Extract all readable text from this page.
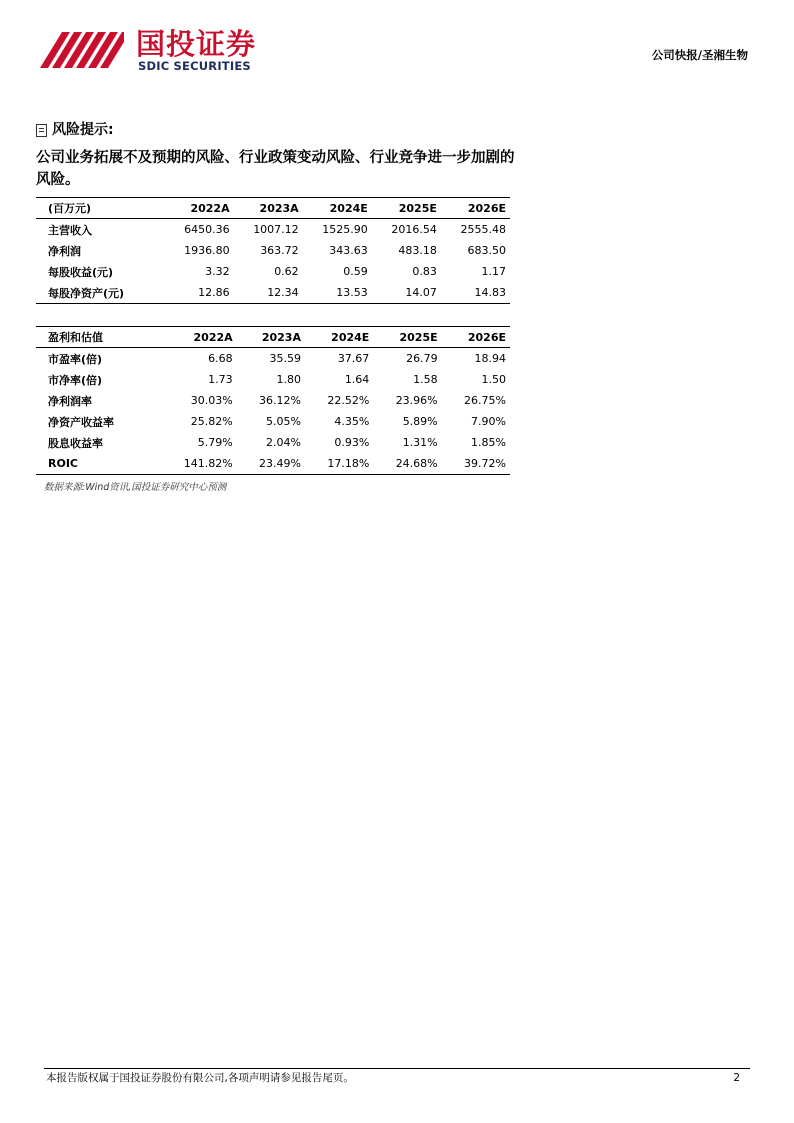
国投证券
SDIC SECURITIES
公司快报/圣湘生物
风险提示:
公司业务拓展不及预期的风险、行业政策变动风险、行业竞争进一步加剧的风险。
(百万元)	2022A	2023A	2024E	2025E	2026E
主营收入	6450.36	1007.12	1525.90	2016.54	2555.48
净利润	1936.80	363.72	343.63	483.18	683.50
每股收益(元)	3.32	0.62	0.59	0.83	1.17
每股净资产(元)	12.86	12.34	13.53	14.07	14.83
盈利和估值	2022A	2023A	2024E	2025E	2026E
市盈率(倍)	6.68	35.59	37.67	26.79	18.94
市净率(倍)	1.73	1.80	1.64	1.58	1.50
净利润率	30.03%	36.12%	22.52%	23.96%	26.75%
净资产收益率	25.82%	5.05%	4.35%	5.89%	7.90%
股息收益率	5.79%	2.04%	0.93%	1.31%	1.85%
ROIC	141.82%	23.49%	17.18%	24.68%	39.72%
数据来源:Wind资讯,国投证券研究中心预测
本报告版权属于国投证券股份有限公司,各项声明请参见报告尾页。	2
